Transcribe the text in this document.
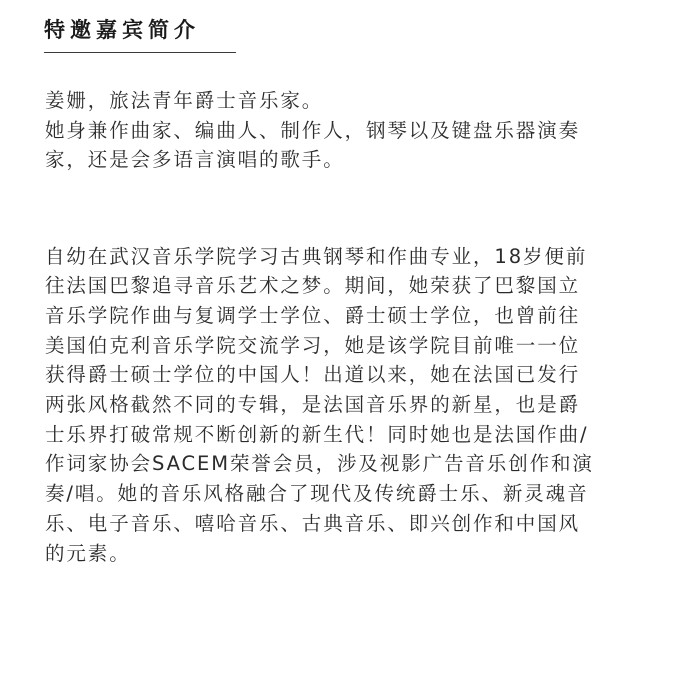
特邀嘉宾简介
姜姗，旅法青年爵士音乐家。
她身兼作曲家、编曲人、制作人，钢琴以及键盘乐器演奏
家，还是会多语言演唱的歌手。
自幼在武汉音乐学院学习古典钢琴和作曲专业，18岁便前
往法国巴黎追寻音乐艺术之梦。期间，她荣获了巴黎国立
音乐学院作曲与复调学士学位、爵士硕士学位，也曾前往
美国伯克利音乐学院交流学习，她是该学院目前唯一一位
获得爵士硕士学位的中国人！出道以来，她在法国已发行
两张风格截然不同的专辑，是法国音乐界的新星，也是爵
士乐界打破常规不断创新的新生代！同时她也是法国作曲/
作词家协会SACEM荣誉会员，涉及视影广告音乐创作和演
奏/唱。她的音乐风格融合了现代及传统爵士乐、新灵魂音
乐、电子音乐、嘻哈音乐、古典音乐、即兴创作和中国风
的元素。
